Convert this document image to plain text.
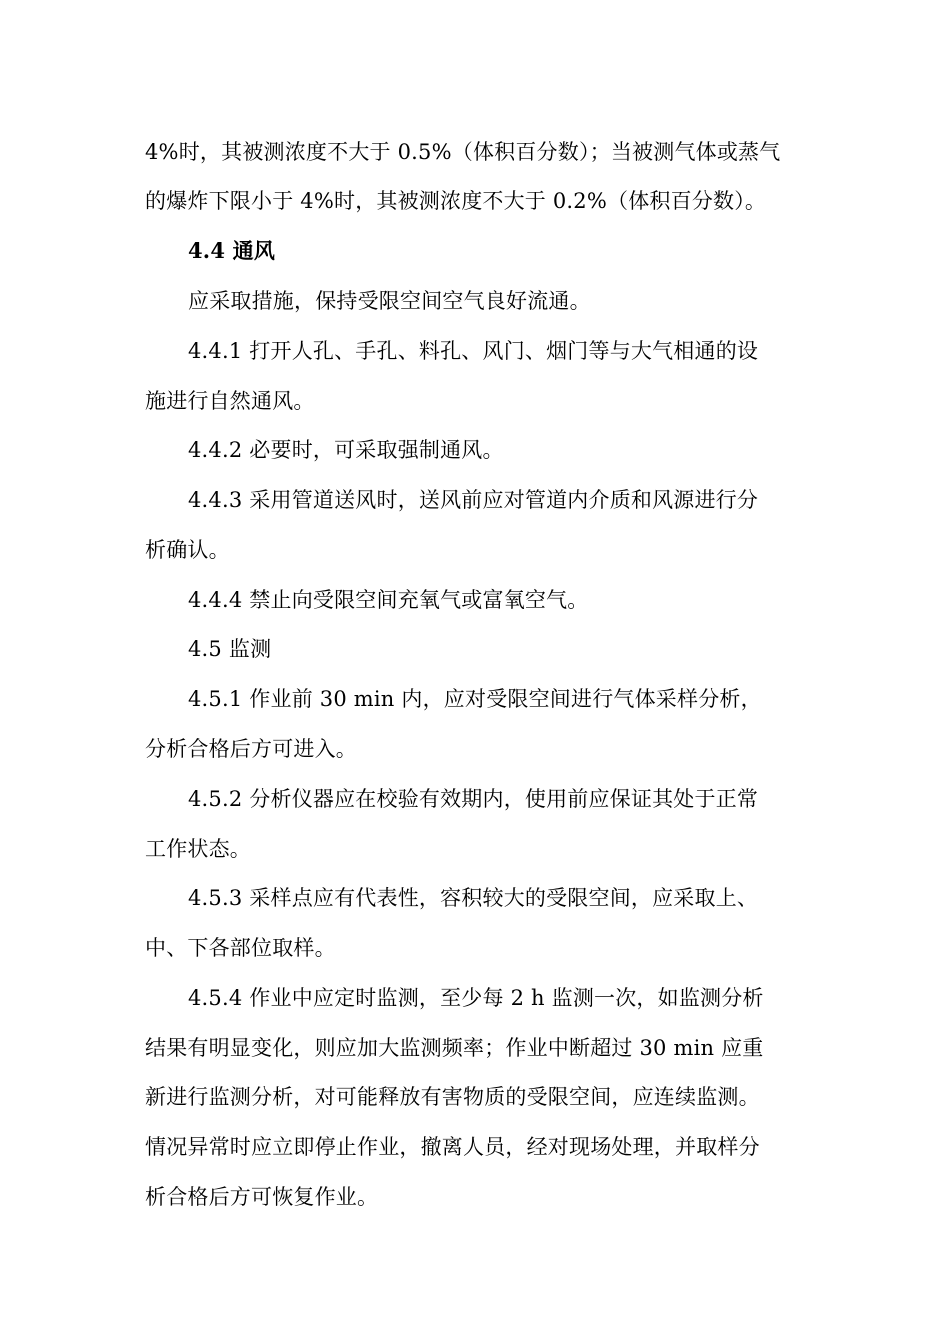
4%时，其被测浓度不大于 0.5%（体积百分数）；当被测气体或蒸气
的爆炸下限小于 4%时，其被测浓度不大于 0.2%（体积百分数）。
4.4 通风
应采取措施，保持受限空间空气良好流通。
4.4.1 打开人孔、手孔、料孔、风门、烟门等与大气相通的设
施进行自然通风。
4.4.2 必要时，可采取强制通风。
4.4.3 采用管道送风时，送风前应对管道内介质和风源进行分
析确认。
4.4.4 禁止向受限空间充氧气或富氧空气。
4.5 监测
4.5.1 作业前 30 min 内，应对受限空间进行气体采样分析，
分析合格后方可进入。
4.5.2 分析仪器应在校验有效期内，使用前应保证其处于正常
工作状态。
4.5.3 采样点应有代表性，容积较大的受限空间，应采取上、
中、下各部位取样。
4.5.4 作业中应定时监测，至少每 2 h 监测一次，如监测分析
结果有明显变化，则应加大监测频率；作业中断超过 30 min 应重
新进行监测分析，对可能释放有害物质的受限空间，应连续监测。
情况异常时应立即停止作业，撤离人员，经对现场处理，并取样分
析合格后方可恢复作业。
